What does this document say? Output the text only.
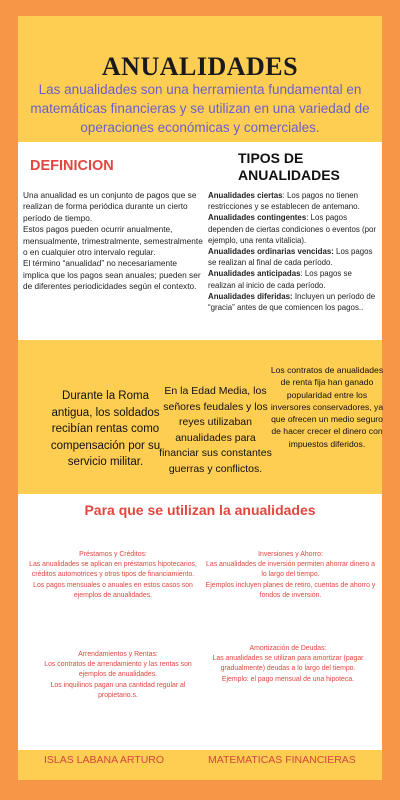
ANUALIDADES
Las anualidades son una herramienta fundamental en matemáticas financieras y se utilizan en una variedad de operaciones económicas y comerciales.
DEFINICION

Una anualidad es un conjunto de pagos que se realizan de forma periódica durante un cierto período de tiempo.

Estos pagos pueden ocurrir anualmente, mensualmente, trimestralmente, semestralmente o en cualquier otro intervalo regular.

El término “anualidad” no necesariamente implica que los pagos sean anuales; pueden ser de diferentes periodicidades según el contexto.

TIPOS DE ANUALIDADES

Anualidades ciertas: Los pagos no tienen restricciones y se establecen de antemano.

Anualidades contingentes: Los pagos dependen de ciertas condiciones o eventos (por ejemplo, una renta vitalicia).

Anualidades ordinarias vencidas: Los pagos se realizan al final de cada período.

Anualidades anticipadas: Los pagos se realizan al inicio de cada período.

Anualidades diferidas: Incluyen un período de “gracia” antes de que comiencen los pagos..

Durante la Roma antigua, los soldados recibían rentas como compensación por su servicio militar.
En la Edad Media, los señores feudales y los reyes utilizaban anualidades para financiar sus constantes guerras y conflictos.
Los contratos de anualidades de renta fija han ganado popularidad entre los inversores conservadores, ya que ofrecen un medio seguro de hacer crecer el dinero con impuestos diferidos.
Para que se utilizan la anualidades

Préstamos y Créditos:

Las anualidades se aplican en préstamos hipotecarios, créditos automotrices y otros tipos de financiamiento.

Los pagos mensuales o anuales en estos casos son ejemplos de anualidades.

Inversiones y Ahorro:

Las anualidades de inversión permiten ahorrar dinero a lo largo del tiempo.

Ejemplos incluyen planes de retiro, cuentas de ahorro y fondos de inversión.

Arrendamientos y Rentas:

Los contratos de arrendamiento y las rentas son ejemplos de anualidades.

Los inquilinos pagan una cantidad regular al propietario.s.

Amortización de Deudas:

Las anualidades se utilizan para amortizar (pagar gradualmente) deudas a lo largo del tiempo.

Ejemplo: el pago mensual de una hipoteca.

ISLAS LABANA ARTURO	MATEMATICAS FINANCIERAS
